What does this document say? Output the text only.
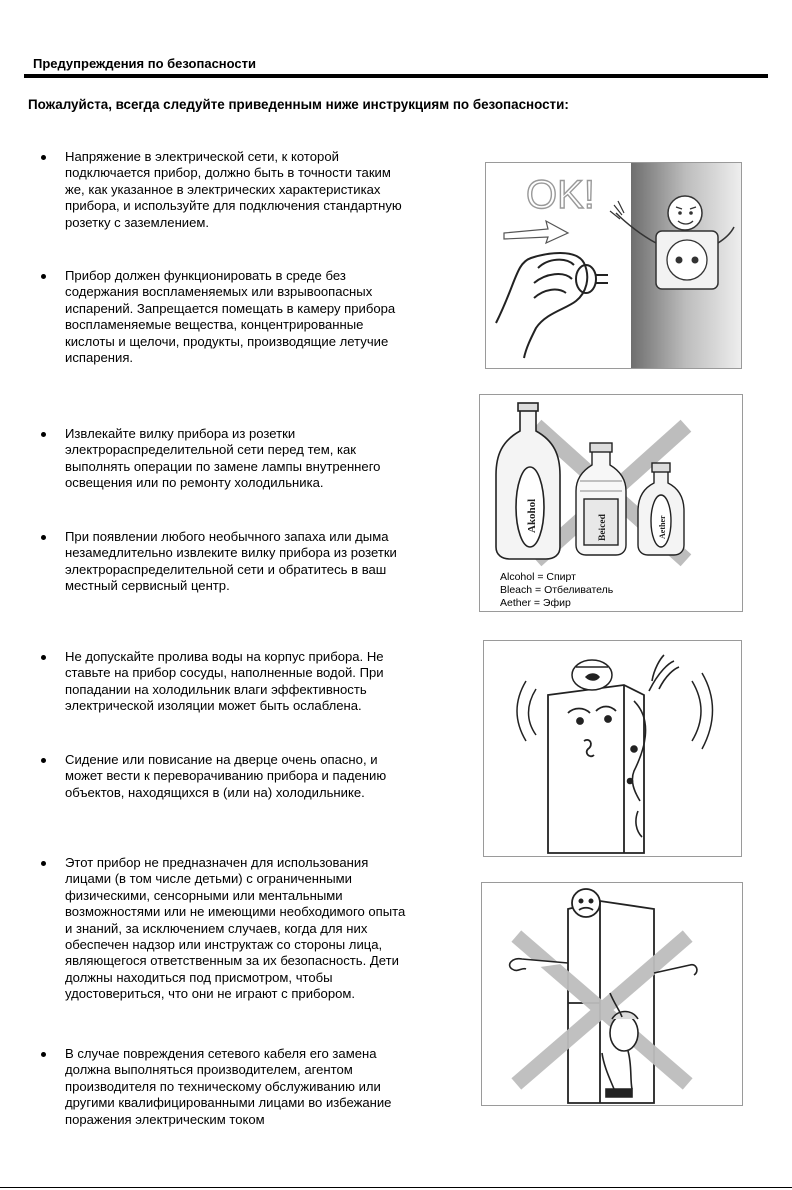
Предупреждения по безопасности
Пожалуйста, всегда следуйте приведенным ниже инструкциям по безопасности:
Напряжение в электрической сети, к которой
подключается прибор, должно быть в точности таким
же, как указанное в электрических характеристиках
прибора, и используйте для подключения стандартную
розетку с заземлением.
Прибор должен функционировать в среде без
содержания воспламеняемых или взрывоопасных
испарений. Запрещается помещать в камеру прибора
воспламеняемые вещества, концентрированные
кислоты и щелочи, продукты, производящие летучие
испарения.
Извлекайте вилку прибора из розетки
электрораспределительной сети перед тем, как
выполнять операции по замене лампы внутреннего
освещения или по ремонту холодильника.
При появлении любого необычного запаха или дыма
незамедлительно извлеките вилку прибора из розетки
электрораспределительной сети и обратитесь в ваш
местный сервисный центр.
Не допускайте пролива воды на корпус прибора. Не
ставьте на прибор сосуды, наполненные водой. При
попадании на холодильник влаги эффективность
электрической изоляции может быть ослаблена.
Сидение или повисание на дверце очень опасно, и
может вести к переворачиванию прибора и падению
объектов, находящихся в (или на) холодильнике.
Этот прибор не предназначен для использования
лицами (в том числе детьми) с ограниченными
физическими, сенсорными или ментальными
возможностями или не имеющими необходимого опыта
и знаний, за исключением случаев, когда для них
обеспечен надзор или инструктаж со стороны лица,
являющегося ответственным за их безопасность. Дети
должны находиться под присмотром, чтобы
удостовериться, что они не играют с прибором.
В случае повреждения сетевого кабеля его замена
должна выполняться производителем, агентом
производителя по техническому обслуживанию или
другими квалифицированными лицами во избежание
поражения электрическим током
OK!
Akohol	Beiced	Aether
Alcohol = Спирт
Bleach = Отбеливатель
Aether = Эфир
